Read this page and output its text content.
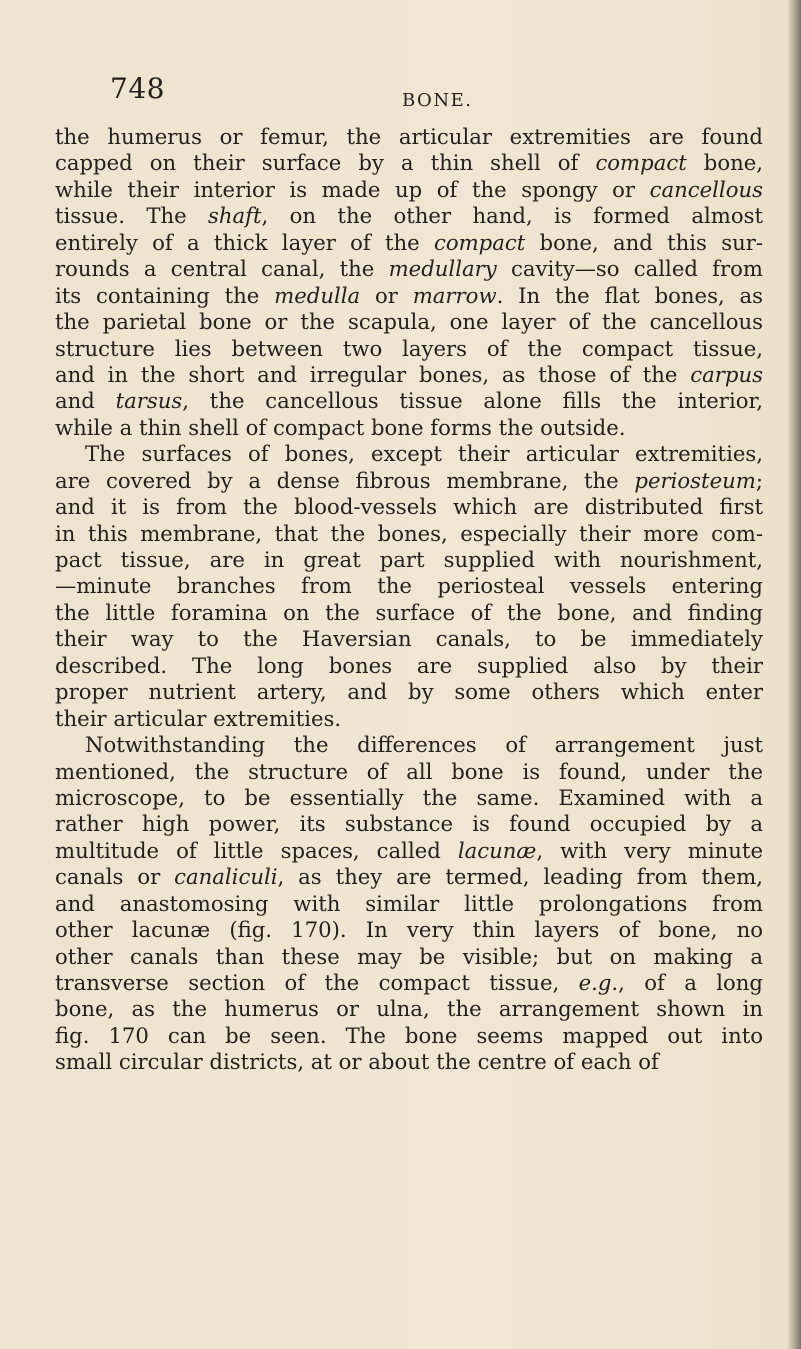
748	BONE.
the humerus or femur, the articular extremities are found
capped on their surface by a thin shell of compact bone,
while their interior is made up of the spongy or cancellous
tissue. The shaft, on the other hand, is formed almost
entirely of a thick layer of the compact bone, and this sur-
rounds a central canal, the medullary cavity—so called from
its containing the medulla or marrow. In the flat bones, as
the parietal bone or the scapula, one layer of the cancellous
structure lies between two layers of the compact tissue,
and in the short and irregular bones, as those of the carpus
and tarsus, the cancellous tissue alone fills the interior,
while a thin shell of compact bone forms the outside.
The surfaces of bones, except their articular extremities,
are covered by a dense fibrous membrane, the periosteum;
and it is from the blood-vessels which are distributed first
in this membrane, that the bones, especially their more com-
pact tissue, are in great part supplied with nourishment,
—minute branches from the periosteal vessels entering
the little foramina on the surface of the bone, and finding
their way to the Haversian canals, to be immediately
described. The long bones are supplied also by their
proper nutrient artery, and by some others which enter
their articular extremities.
Notwithstanding the differences of arrangement just
mentioned, the structure of all bone is found, under the
microscope, to be essentially the same. Examined with a
rather high power, its substance is found occupied by a
multitude of little spaces, called lacunæ, with very minute
canals or canaliculi, as they are termed, leading from them,
and anastomosing with similar little prolongations from
other lacunæ (fig. 170). In very thin layers of bone, no
other canals than these may be visible; but on making a
transverse section of the compact tissue, e.g., of a long
bone, as the humerus or ulna, the arrangement shown in
fig. 170 can be seen. The bone seems mapped out into
small circular districts, at or about the centre of each of
